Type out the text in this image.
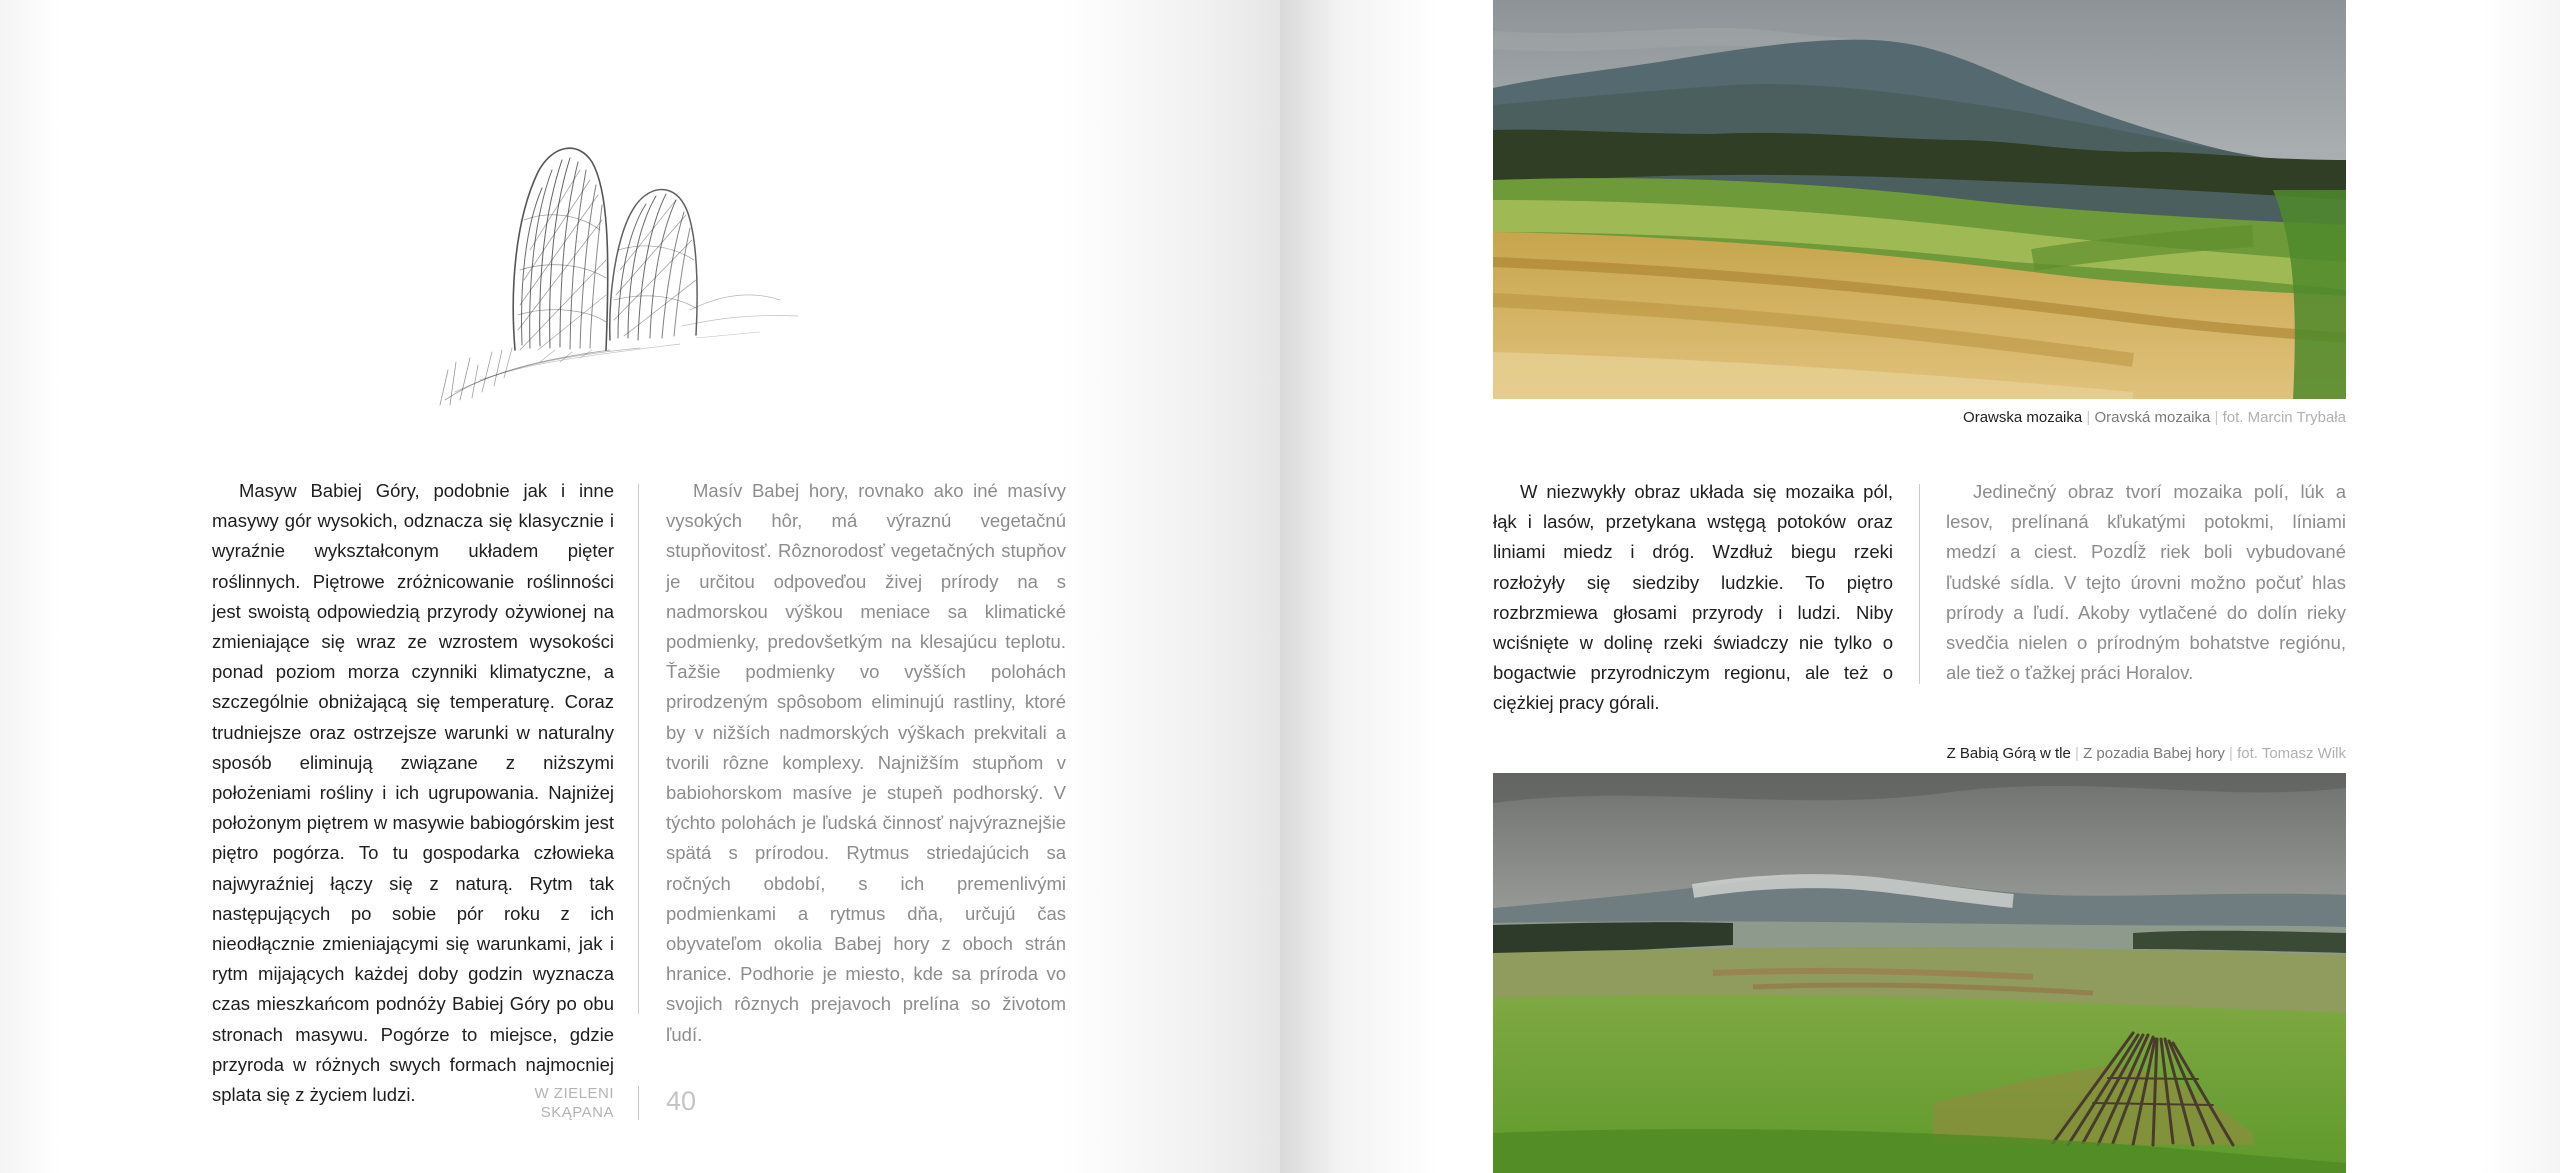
Masyw Babiej Góry, podobnie jak i inne masywy gór wysokich, odznacza się klasycznie i wyraźnie wykształconym układem pięter roślinnych. Piętrowe zróżnicowanie roślinności jest swoistą odpowiedzią przyrody ożywionej na zmieniające się wraz ze wzrostem wysokości ponad poziom morza czynniki klimatyczne, a szczególnie obniżającą się temperaturę. Coraz trudniejsze oraz ostrzejsze warunki w naturalny sposób eliminują związane z niższymi położeniami rośliny i ich ugrupowania. Najniżej położonym piętrem w masywie babiogórskim jest piętro pogórza. To tu gospodarka człowieka najwyraźniej łączy się z naturą. Rytm tak następujących po sobie pór roku z ich nieodłącznie zmieniającymi się warunkami, jak i rytm mijających każdej doby godzin wyznacza czas mieszkańcom podnóży Babiej Góry po obu stronach masywu. Pogórze to miejsce, gdzie przyroda w różnych swych formach najmocniej splata się z życiem ludzi.

Masív Babej hory, rovnako ako iné masívy vysokých hôr, má výraznú vegetačnú stupňovitosť. Rôznorodosť vegetačných stupňov je určitou odpoveďou živej prírody na s nadmorskou výškou meniace sa klimatické podmienky, predovšetkým na klesajúcu teplotu. Ťažšie podmienky vo vyšších polohách prirodzeným spôsobom eliminujú rastliny, ktoré by v nižších nadmorských výškach prekvitali a tvorili rôzne komplexy. Najnižším stupňom v babiohorskom masíve je stupeň podhorský. V týchto polohách je ľudská činnosť najvýraznejšie spätá s prírodou. Rytmus striedajúcich sa ročných období, s ich premenlivými podmienkami a rytmus dňa, určujú čas obyvateľom okolia Babej hory z oboch strán hranice. Podhorie je miesto, kde sa príroda vo svojich rôznych prejavoch prelína so životom ľudí.

W ZIELENI
SKĄPANA 40
Orawska mozaika | Oravská mozaika | fot. Marcin Trybała

W niezwykły obraz układa się mozaika pól, łąk i lasów, przetykana wstęgą potoków oraz liniami miedz i dróg. Wzdłuż biegu rzeki rozłożyły się siedziby ludzkie. To piętro rozbrzmiewa głosami przyrody i ludzi. Niby wciśnięte w dolinę rzeki świadczy nie tylko o bogactwie przyrodniczym regionu, ale też o ciężkiej pracy górali.

Jedinečný obraz tvorí mozaika polí, lúk a lesov, prelínaná kľukatými potokmi, líniami medzí a ciest. Pozdĺž riek boli vybudované ľudské sídla. V tejto úrovni možno počuť hlas prírody a ľudí. Akoby vytlačené do dolín rieky svedčia nielen o prírodným bohatstve regiónu, ale tiež o ťažkej práci Horalov.

Z Babią Górą w tle | Z pozadia Babej hory | fot. Tomasz Wilk
